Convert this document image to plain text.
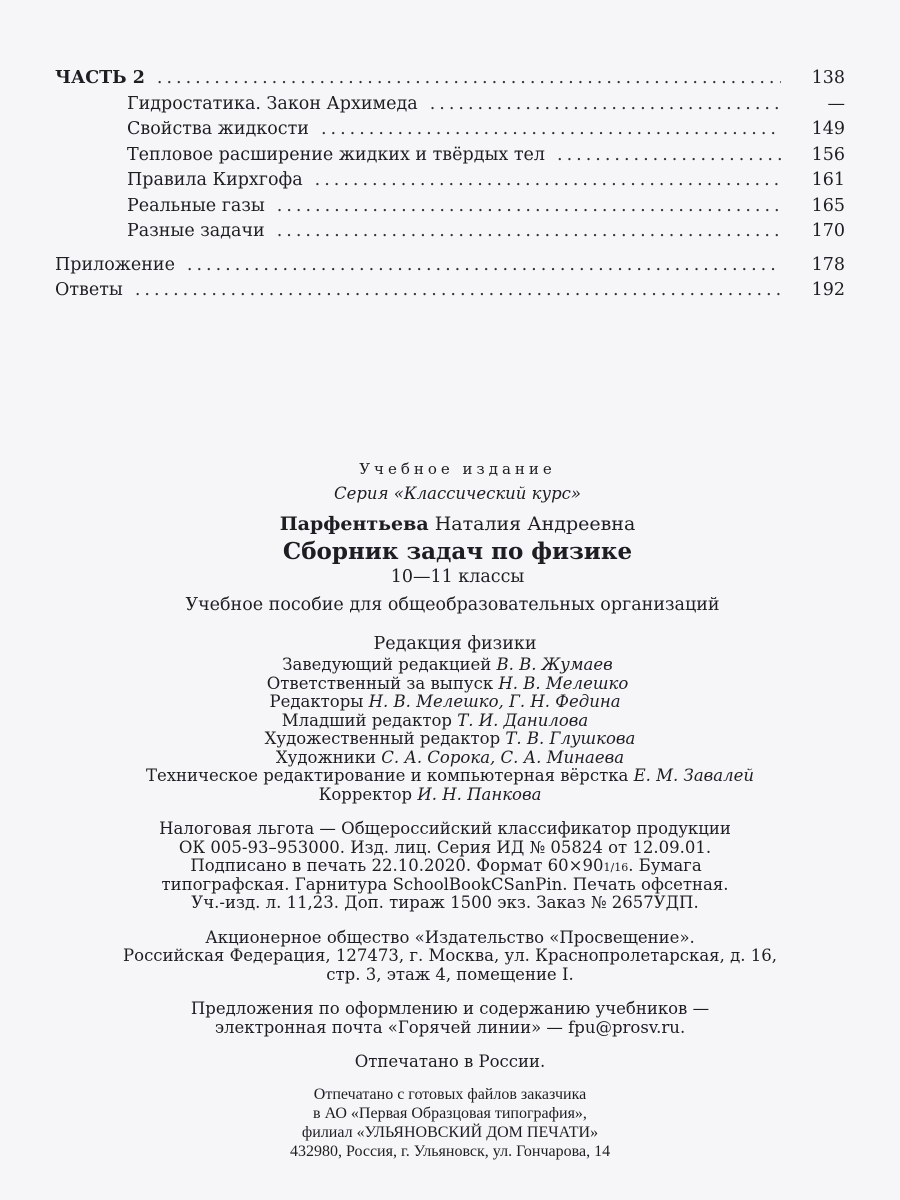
ЧАСТЬ 2 .....	138
Гидростатика. Закон Архимеда .....	—
Свойства жидкости .....	149
Тепловое расширение жидких и твёрдых тел .....	156
Правила Кирхгофа .....	161
Реальные газы .....	165
Разные задачи .....	170
Приложение .....	178
Ответы .....	192
Учебное издание
Серия «Классический курс»
Парфентьева Наталия Андреевна
Сборник задач по физике
10—11 классы
Учебное пособие для общеобразовательных организаций
Редакция физики
Заведующий редакцией В. В. Жумаев
Ответственный за выпуск Н. В. Мелешко
Редакторы Н. В. Мелешко, Г. Н. Федина
Младший редактор Т. И. Данилова
Художественный редактор Т. В. Глушкова
Художники С. А. Сорока, С. А. Минаева
Техническое редактирование и компьютерная вёрстка Е. М. Завалей
Корректор И. Н. Панкова
Налоговая льгота — Общероссийский классификатор продукции
ОК 005-93–953000. Изд. лиц. Серия ИД № 05824 от 12.09.01.
Подписано в печать 22.10.2020. Формат 60×901/16. Бумага
типографская. Гарнитура SchoolBookCSanPin. Печать офсетная.
Уч.-изд. л. 11,23. Доп. тираж 1500 экз. Заказ № 2657УДП.
Акционерное общество «Издательство «Просвещение».
Российская Федерация, 127473, г. Москва, ул. Краснопролетарская, д. 16,
стр. 3, этаж 4, помещение I.
Предложения по оформлению и содержанию учебников —
электронная почта «Горячей линии» — fpu@prosv.ru.
Отпечатано в России.
Отпечатано с готовых файлов заказчика
в АО «Первая Образцовая типография»,
филиал «УЛЬЯНОВСКИЙ ДОМ ПЕЧАТИ»
432980, Россия, г. Ульяновск, ул. Гончарова, 14
